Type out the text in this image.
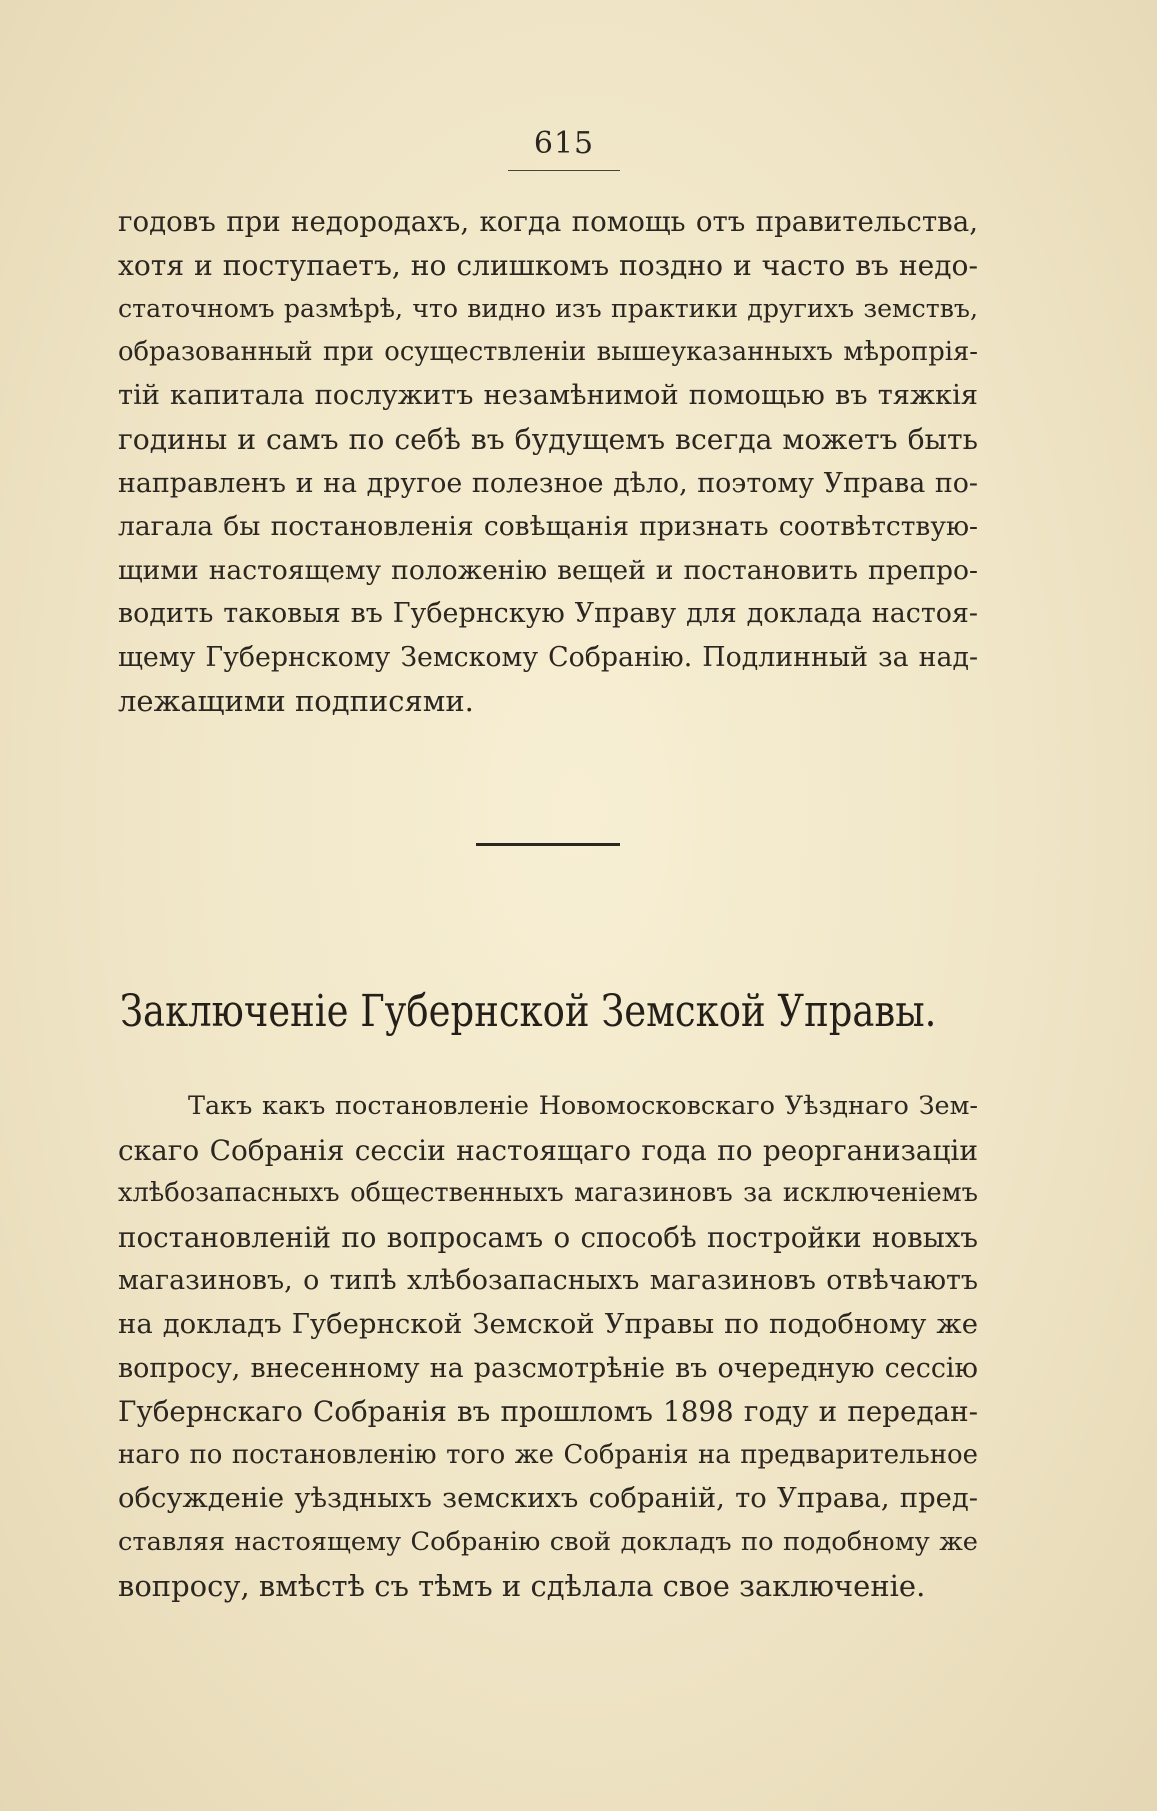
615

годовъ при недородахъ, когда помощь отъ правительства,
хотя и поступаетъ, но слишкомъ поздно и часто въ недо-
статочномъ размѣрѣ, что видно изъ практики другихъ земствъ,
образованный при осуществленіи вышеуказанныхъ мѣропрія-
тій капитала послужитъ незамѣнимой помощью въ тяжкія
годины и самъ по себѣ въ будущемъ всегда можетъ быть
направленъ и на другое полезное дѣло, поэтому Управа по-
лагала бы постановленія совѣщанія признать соотвѣтствую-
щими настоящему положенію вещей и постановить препро-
водить таковыя въ Губернскую Управу для доклада настоя-
щему Губернскому Земскому Собранію. Подлинный за над-
лежащими подписями.

Заключеніе Губернской Земской Управы.

Такъ какъ постановленіе Новомосковскаго Уѣзднаго Зем-
скаго Собранія сессіи настоящаго года по реорганизаціи
хлѣбозапасныхъ общественныхъ магазиновъ за исключеніемъ
постановленій по вопросамъ о способѣ постройки новыхъ
магазиновъ, о типѣ хлѣбозапасныхъ магазиновъ отвѣчаютъ
на докладъ Губернской Земской Управы по подобному же
вопросу, внесенному на разсмотрѣніе въ очередную сессію
Губернскаго Собранія въ прошломъ 1898 году и передан-
наго по постановленію того же Собранія на предварительное
обсужденіе уѣздныхъ земскихъ собраній, то Управа, пред-
ставляя настоящему Собранію свой докладъ по подобному же
вопросу, вмѣстѣ съ тѣмъ и сдѣлала свое заключеніе.
